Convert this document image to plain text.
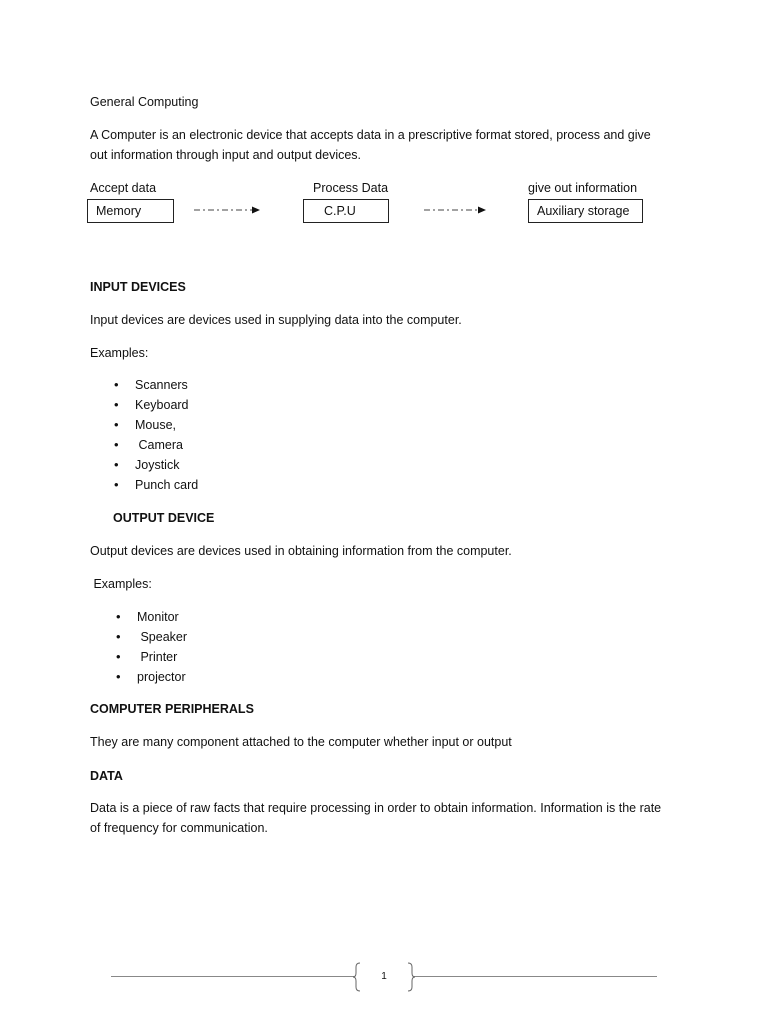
General Computing
A Computer is an electronic device that accepts data in a prescriptive format stored, process and give out information through input and output devices.
Accept data	Process Data	give out information
Memory	C.P.U	Auxiliary storage
INPUT DEVICES
Input devices are devices used in supplying data into the computer.
Examples:
• Scanners
• Keyboard
• Mouse,
• Camera
• Joystick
• Punch card
OUTPUT DEVICE
Output devices are devices used in obtaining information from the computer.
Examples:
• Monitor
• Speaker
• Printer
• projector
COMPUTER PERIPHERALS
They are many component attached to the computer whether input or output
DATA
Data is a piece of raw facts that require processing in order to obtain information. Information is the rate of frequency for communication.
1
